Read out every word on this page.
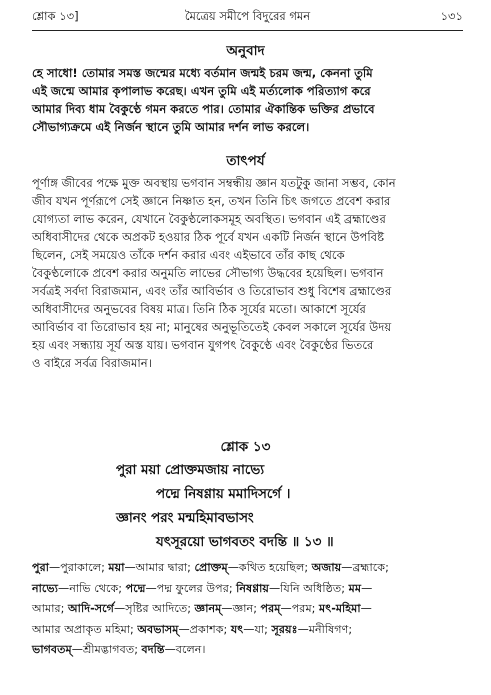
শ্লোক ১৩]	মৈত্রেয় সমীপে বিদুরের গমন	১৩১
অনুবাদ

হে সাধো! তোমার সমস্ত জন্মের মধ্যে বর্তমান জন্মই চরম জন্ম, কেননা তুমি

এই জন্মে আমার কৃপালাভ করেছ। এখন তুমি এই মর্ত্যলোক পরিত্যাগ করে

আমার দিব্য ধাম বৈকুণ্ঠে গমন করতে পার। তোমার ঐকান্তিক ভক্তির প্রভাবে

সৌভাগ্যক্রমে এই নির্জন স্থানে তুমি আমার দর্শন লাভ করলে।

তাৎপর্য

পূর্ণাঙ্গ জীবের পক্ষে মুক্ত অবস্থায় ভগবান সম্বন্ধীয় জ্ঞান যতটুকু জানা সম্ভব, কোন

জীব যখন পূর্ণরূপে সেই জ্ঞানে নিষ্ণাত হন, তখন তিনি চিৎ জগতে প্রবেশ করার

যোগ্যতা লাভ করেন, যেখানে বৈকুণ্ঠলোকসমূহ অবস্থিত। ভগবান এই ব্রহ্মাণ্ডের

অধিবাসীদের থেকে অপ্রকট হওয়ার ঠিক পূর্বে যখন একটি নির্জন স্থানে উপবিষ্ট

ছিলেন, সেই সময়েও তাঁকে দর্শন করার এবং এইভাবে তাঁর কাছ থেকে

বৈকুণ্ঠলোকে প্রবেশ করার অনুমতি লাভের সৌভাগ্য উদ্ধবের হয়েছিল। ভগবান

সর্বত্রই সর্বদা বিরাজমান, এবং তাঁর আবির্ভাব ও তিরোভাব শুধু বিশেষ ব্রহ্মাণ্ডের

অধিবাসীদের অনুভবের বিষয় মাত্র। তিনি ঠিক সূর্যের মতো। আকাশে সূর্যের

আবির্ভাব বা তিরোভাব হয় না; মানুষের অনুভূতিতেই কেবল সকালে সূর্যের উদয়

হয় এবং সন্ধ্যায় সূর্য অস্ত যায়। ভগবান যুগপৎ বৈকুণ্ঠে এবং বৈকুণ্ঠের ভিতরে

ও বাইরে সর্বত্র বিরাজমান।

শ্লোক ১৩
পুরা ময়া প্রোক্তমজায় নাভ্যে
পদ্মে নিষণ্ণায় মমাদিসর্গে ।
জ্ঞানং পরং মন্মহিমাবভাসং
যৎসূরয়ো ভাগবতং বদন্তি ॥ ১৩ ॥

পুরা—পুরাকালে; ময়া—আমার দ্বারা; প্রোক্তম্—কথিত হয়েছিল; অজায়—ব্রহ্মাকে;

নাভ্যে—নাভি থেকে; পদ্মে—পদ্ম ফুলের উপর; নিষণ্ণায়—যিনি অধিষ্ঠিত; মম—

আমার; আদি-সর্গে—সৃষ্টির আদিতে; জ্ঞানম্—জ্ঞান; পরম্—পরম; মৎ-মহিমা—

আমার অপ্রাকৃত মহিমা; অবভাসম্—প্রকাশক; যৎ—যা; সূরয়ঃ—মনীষিগণ;

ভাগবতম্—শ্রীমদ্ভাগবত; বদন্তি—বলেন।
